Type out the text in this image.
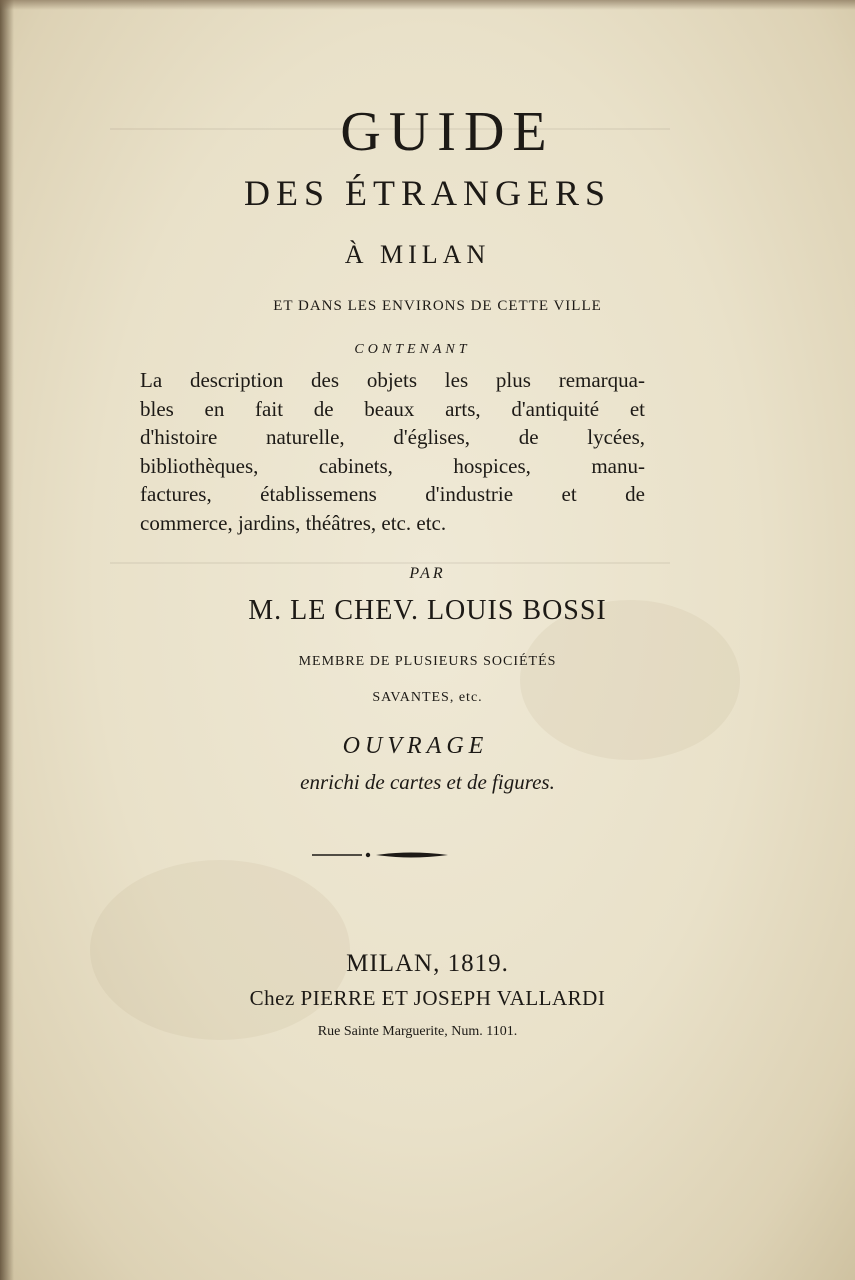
GUIDE
DES ÉTRANGERS
À MILAN
ET DANS LES ENVIRONS DE CETTE VILLE
CONTENANT
La description des objets les plus remarqua-
bles en fait de beaux arts, d'antiquité et
d'histoire naturelle, d'églises, de lycées,
bibliothèques, cabinets, hospices, manu-
factures, établissemens d'industrie et de
commerce, jardins, théâtres, etc. etc.
PAR
M. LE CHEV. LOUIS BOSSI
MEMBRE DE PLUSIEURS SOCIÉTÉS
SAVANTES, etc.
OUVRAGE
enrichi de cartes et de figures.
MILAN, 1819.
Chez PIERRE ET JOSEPH VALLARDI
Rue Sainte Marguerite, Num. 1101.
